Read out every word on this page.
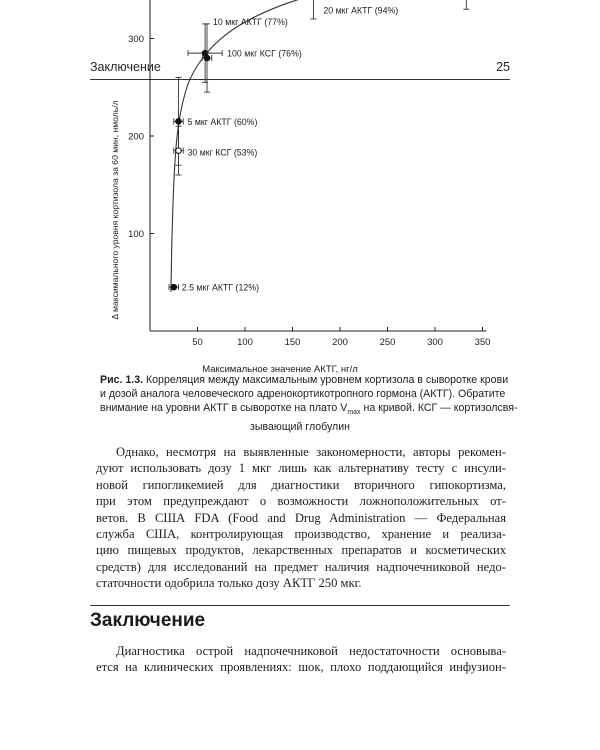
Заключение	25
50	100	150	200	250	300	350
100
200
300
2.5 мкг АКТГ (12%)
5 мкг АКТГ (60%)
30 мкг КСГ (53%)
100 мкг КСГ (76%)
10 мкг АКТГ (77%)
20 мкг АКТГ (94%)
Максимальное значение АКТГ, нг/л
Δ максимального уровня кортизола за 60 мин, нмоль/л
Рис. 1.3. Корреляция между максимальным уровнем кортизола в сыворотке крови
и дозой аналога человеческого адренокортикотропного гормона (АКТГ). Обратите
внимание на уровни АКТГ в сыворотке на плато $V_{max}$ на кривой. КСГ — кортизолсвя-
зывающий глобулин
Однако, несмотря на выявленные закономерности, авторы рекомен-
дуют использовать дозу 1 мкг лишь как альтернативу тесту с инсули-
новой гипогликемией для диагностики вторичного гипокортизма,
при этом предупреждают о возможности ложноположительных от-
ветов. В США FDA (Food and Drug Administration — Федеральная
служба США, контролирующая производство, хранение и реализа-
цию пищевых продуктов, лекарственных препаратов и косметических
средств) для исследований на предмет наличия надпочечниковой недо-
статочности одобрила только дозу АКТГ 250 мкг.
Заключение
Диагностика острой надпочечниковой недостаточности основыва-
ется на клинических проявлениях: шок, плохо поддающийся инфузион-
